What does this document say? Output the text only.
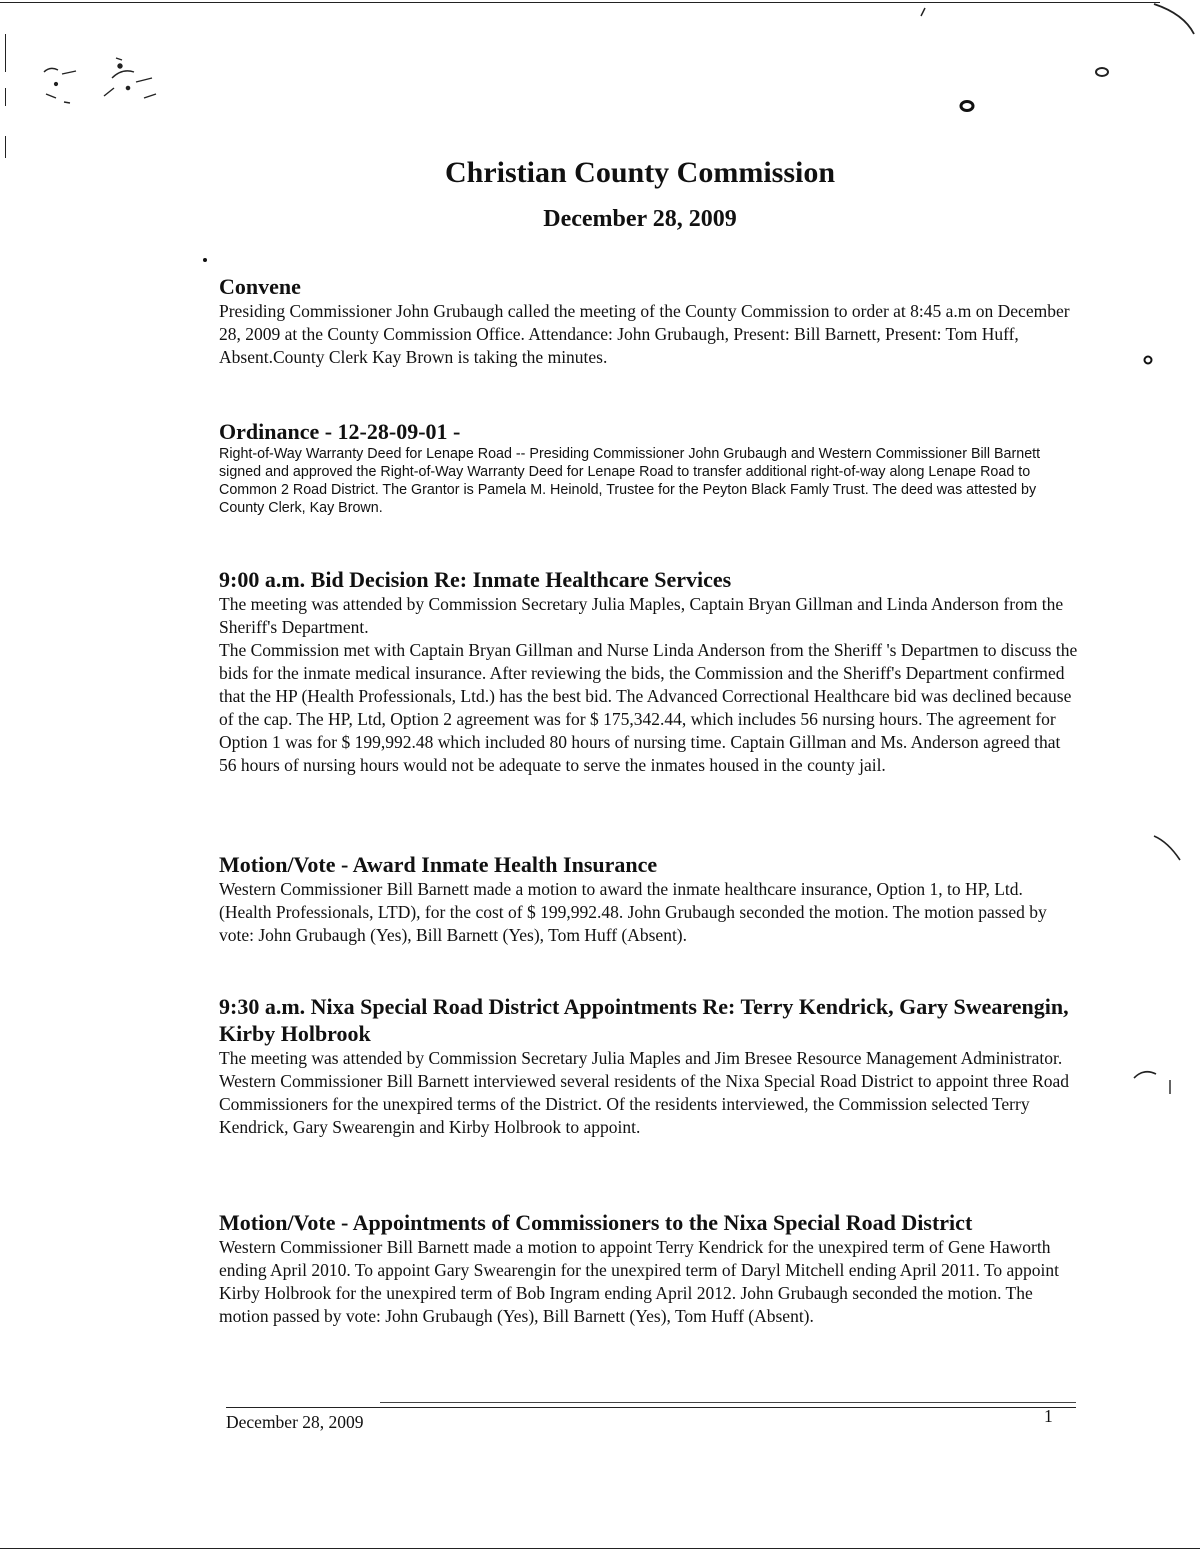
Christian County Commission
December 28, 2009
Convene

Presiding Commissioner John Grubaugh called the meeting of the County Commission to order at 8:45 a.m on December 28, 2009 at the County Commission Office. Attendance: John Grubaugh, Present: Bill Barnett, Present: Tom Huff, Absent.County Clerk Kay Brown is taking the minutes.

Ordinance - 12-28-09-01 -

Right-of-Way Warranty Deed for Lenape Road -- Presiding Commissioner John Grubaugh and Western Commissioner Bill Barnett signed and approved the Right-of-Way Warranty Deed for Lenape Road to transfer additional right-of-way along Lenape Road to Common 2 Road District. The Grantor is Pamela M. Heinold, Trustee for the Peyton Black Famly Trust. The deed was attested by County Clerk, Kay Brown.

9:00 a.m. Bid Decision Re: Inmate Healthcare Services

The meeting was attended by Commission Secretary Julia Maples, Captain Bryan Gillman and Linda Anderson from the Sheriff's Department.

The Commission met with Captain Bryan Gillman and Nurse Linda Anderson from the Sheriff 's Departmen to discuss the bids for the inmate medical insurance. After reviewing the bids, the Commission and the Sheriff's Department confirmed that the HP (Health Professionals, Ltd.) has the best bid. The Advanced Correctional Healthcare bid was declined because of the cap. The HP, Ltd, Option 2 agreement was for $ 175,342.44, which includes 56 nursing hours. The agreement for Option 1 was for $ 199,992.48 which included 80 hours of nursing time. Captain Gillman and Ms. Anderson agreed that 56 hours of nursing hours would not be adequate to serve the inmates housed in the county jail.

Motion/Vote - Award Inmate Health Insurance

Western Commissioner Bill Barnett made a motion to award the inmate healthcare insurance, Option 1, to HP, Ltd. (Health Professionals, LTD), for the cost of $ 199,992.48. John Grubaugh seconded the motion. The motion passed by vote: John Grubaugh (Yes), Bill Barnett (Yes), Tom Huff (Absent).

9:30 a.m. Nixa Special Road District Appointments Re: Terry Kendrick, Gary Swearengin, Kirby Holbrook

The meeting was attended by Commission Secretary Julia Maples and Jim Bresee Resource Management Administrator.

Western Commissioner Bill Barnett interviewed several residents of the Nixa Special Road District to appoint three Road Commissioners for the unexpired terms of the District. Of the residents interviewed, the Commission selected Terry Kendrick, Gary Swearengin and Kirby Holbrook to appoint.

Motion/Vote - Appointments of Commissioners to the Nixa Special Road District

Western Commissioner Bill Barnett made a motion to appoint Terry Kendrick for the unexpired term of Gene Haworth ending April 2010. To appoint Gary Swearengin for the unexpired term of Daryl Mitchell ending April 2011. To appoint Kirby Holbrook for the unexpired term of Bob Ingram ending April 2012. John Grubaugh seconded the motion. The motion passed by vote: John Grubaugh (Yes), Bill Barnett (Yes), Tom Huff (Absent).

December 28, 2009	1
